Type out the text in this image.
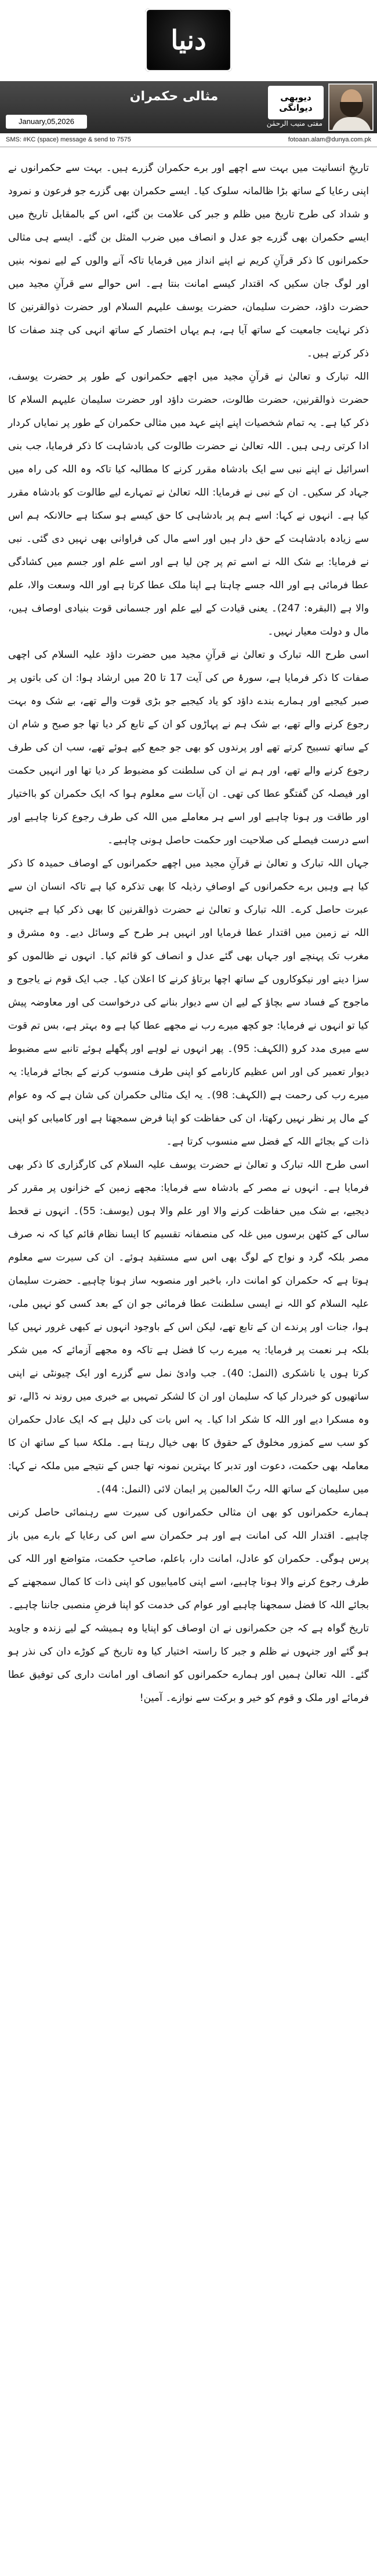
دنیا
دیوبھی
دیوانگی
مثالی حکمران
مفتی منیب الرحمٰن
January,05,2026
SMS: #KC (space) message & send to 7575	fotoaan.alam@dunya.com.pk

تاریخِ انسانیت میں بہت سے اچھے اور برے حکمران گزرے ہیں۔ بہت سے حکمرانوں نے اپنی رعایا کے ساتھ بڑا ظالمانہ سلوک کیا۔ ایسے حکمران بھی گزرے جو فرعون و نمرود و شداد کی طرح تاریخ میں ظلم و جبر کی علامت بن گئے، اس کے بالمقابل تاریخ میں ایسے حکمران بھی گزرے جو عدل و انصاف میں ضرب المثل بن گئے۔ ایسے ہی مثالی حکمرانوں کا ذکر قرآنِ کریم نے اپنے انداز میں فرمایا تاکہ آنے والوں کے لیے نمونہ بنیں اور لوگ جان سکیں کہ اقتدار کیسے امانت بنتا ہے۔ اس حوالے سے قرآنِ مجید میں حضرت داؤد، حضرت سلیمان، حضرت یوسف علیہم السلام اور حضرت ذوالقرنین کا ذکر نہایت جامعیت کے ساتھ آیا ہے، ہم یہاں اختصار کے ساتھ انہی کی چند صفات کا ذکر کرتے ہیں۔

اللہ تبارک و تعالیٰ نے قرآنِ مجید میں اچھے حکمرانوں کے طور پر حضرت یوسف، حضرت ذوالقرنین، حضرت طالوت، حضرت داؤد اور حضرت سلیمان علیہم السلام کا ذکر کیا ہے۔ یہ تمام شخصیات اپنے اپنے عہد میں مثالی حکمران کے طور پر نمایاں کردار ادا کرتی رہی ہیں۔ اللہ تعالیٰ نے حضرت طالوت کی بادشاہت کا ذکر فرمایا، جب بنی اسرائیل نے اپنے نبی سے ایک بادشاہ مقرر کرنے کا مطالبہ کیا تاکہ وہ اللہ کی راہ میں جہاد کر سکیں۔ ان کے نبی نے فرمایا: اللہ تعالیٰ نے تمہارے لیے طالوت کو بادشاہ مقرر کیا ہے۔ انہوں نے کہا: اسے ہم پر بادشاہی کا حق کیسے ہو سکتا ہے حالانکہ ہم اس سے زیادہ بادشاہت کے حق دار ہیں اور اسے مال کی فراوانی بھی نہیں دی گئی۔ نبی نے فرمایا: بے شک اللہ نے اسے تم پر چن لیا ہے اور اسے علم اور جسم میں کشادگی عطا فرمائی ہے اور اللہ جسے چاہتا ہے اپنا ملک عطا کرتا ہے اور اللہ وسعت والا، علم والا ہے (البقرہ: 247)۔ یعنی قیادت کے لیے علم اور جسمانی قوت بنیادی اوصاف ہیں، مال و دولت معیار نہیں۔

اسی طرح اللہ تبارک و تعالیٰ نے قرآنِ مجید میں حضرت داؤد علیہ السلام کی اچھی صفات کا ذکر فرمایا ہے، سورۂ ص کی آیت 17 تا 20 میں ارشاد ہوا: ان کی باتوں پر صبر کیجیے اور ہمارے بندے داؤد کو یاد کیجیے جو بڑی قوت والے تھے، بے شک وہ بہت رجوع کرنے والے تھے، بے شک ہم نے پہاڑوں کو ان کے تابع کر دیا تھا جو صبح و شام ان کے ساتھ تسبیح کرتے تھے اور پرندوں کو بھی جو جمع کیے ہوئے تھے، سب ان کی طرف رجوع کرنے والے تھے، اور ہم نے ان کی سلطنت کو مضبوط کر دیا تھا اور انہیں حکمت اور فیصلہ کن گفتگو عطا کی تھی۔ ان آیات سے معلوم ہوا کہ ایک حکمران کو بااختیار اور طاقت ور ہونا چاہیے اور اسے ہر معاملے میں اللہ کی طرف رجوع کرنا چاہیے اور اسے درست فیصلے کی صلاحیت اور حکمت حاصل ہونی چاہیے۔

جہاں اللہ تبارک و تعالیٰ نے قرآنِ مجید میں اچھے حکمرانوں کے اوصاف حمیدہ کا ذکر کیا ہے وہیں برے حکمرانوں کے اوصافِ رذیلہ کا بھی تذکرہ کیا ہے تاکہ انسان ان سے عبرت حاصل کرے۔ اللہ تبارک و تعالیٰ نے حضرت ذوالقرنین کا بھی ذکر کیا ہے جنہیں اللہ نے زمین میں اقتدار عطا فرمایا اور انہیں ہر طرح کے وسائل دیے۔ وہ مشرق و مغرب تک پہنچے اور جہاں بھی گئے عدل و انصاف کو قائم کیا۔ انہوں نے ظالموں کو سزا دینے اور نیکوکاروں کے ساتھ اچھا برتاؤ کرنے کا اعلان کیا۔ جب ایک قوم نے یاجوج و ماجوج کے فساد سے بچاؤ کے لیے ان سے دیوار بنانے کی درخواست کی اور معاوضہ پیش کیا تو انہوں نے فرمایا: جو کچھ میرے رب نے مجھے عطا کیا ہے وہ بہتر ہے، بس تم قوت سے میری مدد کرو (الکہف: 95)۔ پھر انہوں نے لوہے اور پگھلے ہوئے تانبے سے مضبوط دیوار تعمیر کی اور اس عظیم کارنامے کو اپنی طرف منسوب کرنے کے بجائے فرمایا: یہ میرے رب کی رحمت ہے (الکہف: 98)۔ یہ ایک مثالی حکمران کی شان ہے کہ وہ عوام کے مال پر نظر نہیں رکھتا، ان کی حفاظت کو اپنا فرض سمجھتا ہے اور کامیابی کو اپنی ذات کے بجائے اللہ کے فضل سے منسوب کرتا ہے۔

اسی طرح اللہ تبارک و تعالیٰ نے حضرت یوسف علیہ السلام کی کارگزاری کا ذکر بھی فرمایا ہے۔ انہوں نے مصر کے بادشاہ سے فرمایا: مجھے زمین کے خزانوں پر مقرر کر دیجیے، بے شک میں حفاظت کرنے والا اور علم والا ہوں (یوسف: 55)۔ انہوں نے قحط سالی کے کٹھن برسوں میں غلہ کی منصفانہ تقسیم کا ایسا نظام قائم کیا کہ نہ صرف مصر بلکہ گرد و نواح کے لوگ بھی اس سے مستفید ہوئے۔ ان کی سیرت سے معلوم ہوتا ہے کہ حکمران کو امانت دار، باخبر اور منصوبہ ساز ہونا چاہیے۔ حضرت سلیمان علیہ السلام کو اللہ نے ایسی سلطنت عطا فرمائی جو ان کے بعد کسی کو نہیں ملی، ہوا، جنات اور پرندے ان کے تابع تھے، لیکن اس کے باوجود انہوں نے کبھی غرور نہیں کیا بلکہ ہر نعمت پر فرمایا: یہ میرے رب کا فضل ہے تاکہ وہ مجھے آزمائے کہ میں شکر کرتا ہوں یا ناشکری (النمل: 40)۔ جب وادیٔ نمل سے گزرے اور ایک چیونٹی نے اپنی ساتھیوں کو خبردار کیا کہ سلیمان اور ان کا لشکر تمہیں بے خبری میں روند نہ ڈالے، تو وہ مسکرا دیے اور اللہ کا شکر ادا کیا۔ یہ اس بات کی دلیل ہے کہ ایک عادل حکمران کو سب سے کمزور مخلوق کے حقوق کا بھی خیال رہتا ہے۔ ملکۂ سبا کے ساتھ ان کا معاملہ بھی حکمت، دعوت اور تدبر کا بہترین نمونہ تھا جس کے نتیجے میں ملکہ نے کہا: میں سلیمان کے ساتھ اللہ ربّ العالمین پر ایمان لائی (النمل: 44)۔

ہمارے حکمرانوں کو بھی ان مثالی حکمرانوں کی سیرت سے رہنمائی حاصل کرنی چاہیے۔ اقتدار اللہ کی امانت ہے اور ہر حکمران سے اس کی رعایا کے بارے میں باز پرس ہوگی۔ حکمران کو عادل، امانت دار، باعلم، صاحبِ حکمت، متواضع اور اللہ کی طرف رجوع کرنے والا ہونا چاہیے، اسے اپنی کامیابیوں کو اپنی ذات کا کمال سمجھنے کے بجائے اللہ کا فضل سمجھنا چاہیے اور عوام کی خدمت کو اپنا فرضِ منصبی جاننا چاہیے۔ تاریخ گواہ ہے کہ جن حکمرانوں نے ان اوصاف کو اپنایا وہ ہمیشہ کے لیے زندہ و جاوید ہو گئے اور جنہوں نے ظلم و جبر کا راستہ اختیار کیا وہ تاریخ کے کوڑے دان کی نذر ہو گئے۔ اللہ تعالیٰ ہمیں اور ہمارے حکمرانوں کو انصاف اور امانت داری کی توفیق عطا فرمائے اور ملک و قوم کو خیر و برکت سے نوازے۔ آمین!
